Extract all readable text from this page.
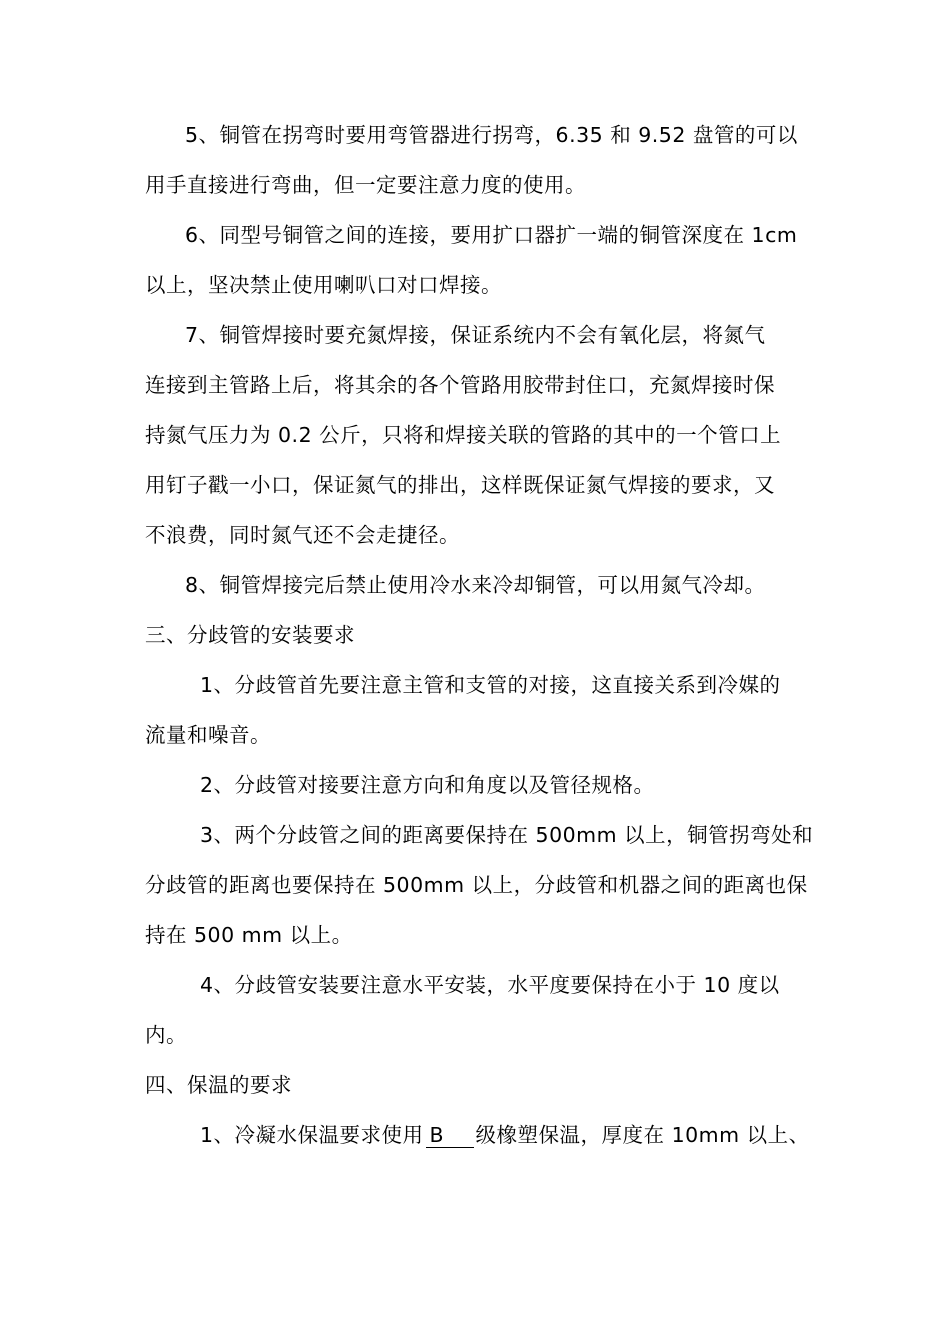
5、铜管在拐弯时要用弯管器进行拐弯，6.35 和 9.52 盘管的可以
用手直接进行弯曲，但一定要注意力度的使用。
6、同型号铜管之间的连接，要用扩口器扩一端的铜管深度在 1cm
以上，坚决禁止使用喇叭口对口焊接。
7、铜管焊接时要充氮焊接，保证系统内不会有氧化层，将氮气
连接到主管路上后，将其余的各个管路用胶带封住口，充氮焊接时保
持氮气压力为 0.2 公斤，只将和焊接关联的管路的其中的一个管口上
用钉子戳一小口，保证氮气的排出，这样既保证氮气焊接的要求，又
不浪费，同时氮气还不会走捷径。
8、铜管焊接完后禁止使用冷水来冷却铜管，可以用氮气冷却。
三、分歧管的安装要求
1、分歧管首先要注意主管和支管的对接，这直接关系到冷媒的
流量和噪音。
2、分歧管对接要注意方向和角度以及管径规格。
3、两个分歧管之间的距离要保持在 500mm 以上，铜管拐弯处和
分歧管的距离也要保持在 500mm 以上，分歧管和机器之间的距离也保
持在 500 mm 以上。
4、分歧管安装要注意水平安装，水平度要保持在小于 10 度以
内。
四、保温的要求
1、冷凝水保温要求使用 B 级橡塑保温，厚度在 10mm 以上、
